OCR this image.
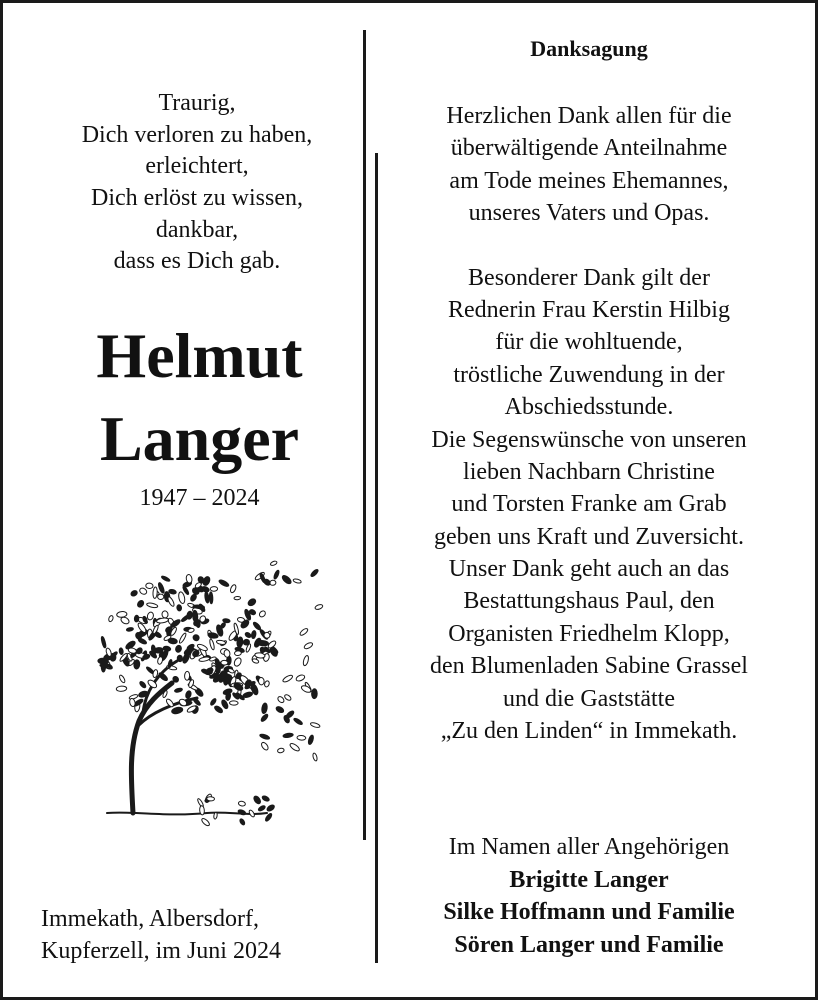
Traurig,
Dich verloren zu haben,
erleichtert,
Dich erlöst zu wissen,
dankbar,
dass es Dich gab.
Helmut
Langer
1947 – 2024
Immekath, Albersdorf,
Kupferzell, im Juni 2024
Danksagung
Herzlichen Dank allen für die
überwältigende Anteilnahme
am Tode meines Ehemannes,
unseres Vaters und Opas.
Besonderer Dank gilt der
Rednerin Frau Kerstin Hilbig
für die wohltuende,
tröstliche Zuwendung in der
Abschiedsstunde.
Die Segenswünsche von unseren
lieben Nachbarn Christine
und Torsten Franke am Grab
geben uns Kraft und Zuversicht.
Unser Dank geht auch an das
Bestattungshaus Paul, den
Organisten Friedhelm Klopp,
den Blumenladen Sabine Grassel
und die Gaststätte
„Zu den Linden“ in Immekath.
Im Namen aller Angehörigen
Brigitte Langer
Silke Hoffmann und Familie
Sören Langer und Familie
